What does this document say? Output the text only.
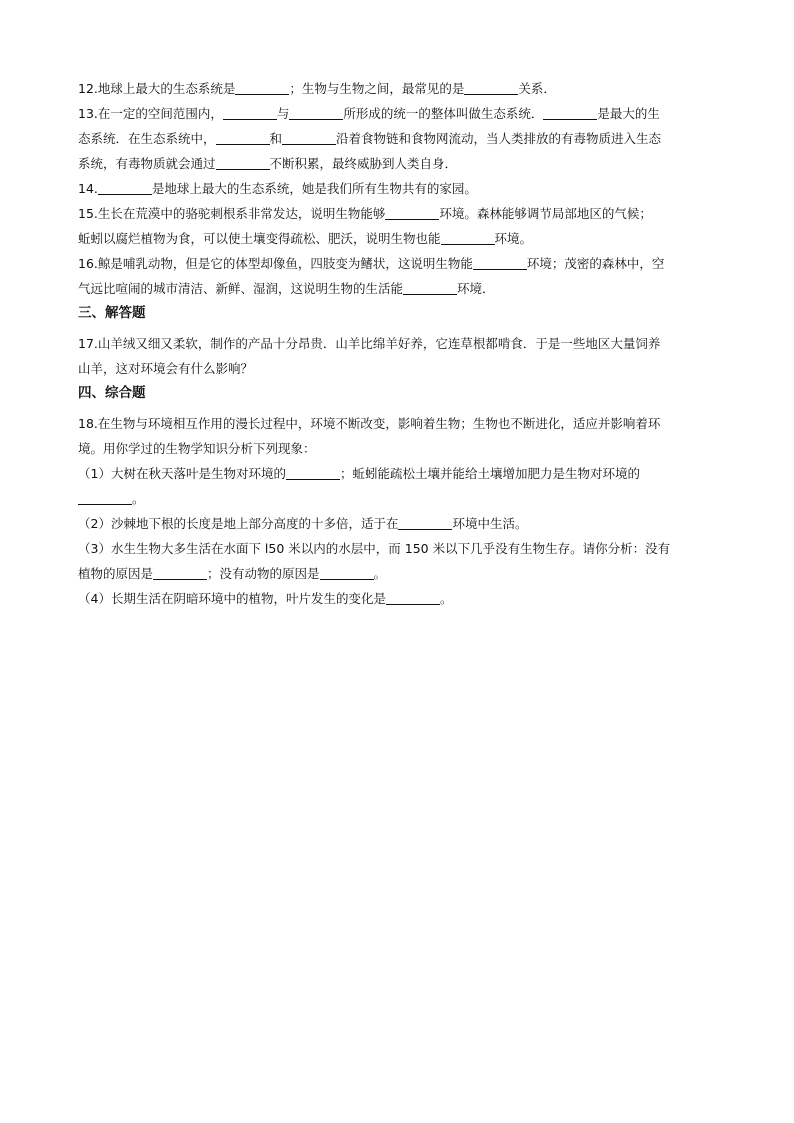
12.地球上最大的生态系统是	；生物与生物之间，最常见的是	关系．
13.在一定的空间范围内，	与	所形成的统一的整体叫做生态系统．	是最大的生
态系统．在生态系统中，	和	沿着食物链和食物网流动，当人类排放的有毒物质进入生态
系统，有毒物质就会通过	不断积累，最终威胁到人类自身．
14.	是地球上最大的生态系统，她是我们所有生物共有的家园。
15.生长在荒漠中的骆驼刺根系非常发达，说明生物能够	环境。森林能够调节局部地区的气候；
蚯蚓以腐烂植物为食，可以使土壤变得疏松、肥沃，说明生物也能	环境。
16.鲸是哺乳动物，但是它的体型却像鱼，四肢变为鳍状，这说明生物能	环境；茂密的森林中，空
气远比喧闹的城市清洁、新鲜、湿润，这说明生物的生活能	环境．
三、解答题
17.山羊绒又细又柔软，制作的产品十分昂贵．山羊比绵羊好养，它连草根都啃食．于是一些地区大量饲养
山羊，这对环境会有什么影响？
四、综合题
18.在生物与环境相互作用的漫长过程中，环境不断改变，影响着生物；生物也不断进化，适应并影响着环
境。用你学过的生物学知识分析下列现象：
（1）大树在秋天落叶是生物对环境的	；蚯蚓能疏松土壤并能给土壤增加肥力是生物对环境的
。
（2）沙棘地下根的长度是地上部分高度的十多倍，适于在	环境中生活。
（3）水生生物大多生活在水面下 l50 米以内的水层中，而 150 米以下几乎没有生物生存。请你分析：没有
植物的原因是	；没有动物的原因是	。
（4）长期生活在阴暗环境中的植物，叶片发生的变化是	。
